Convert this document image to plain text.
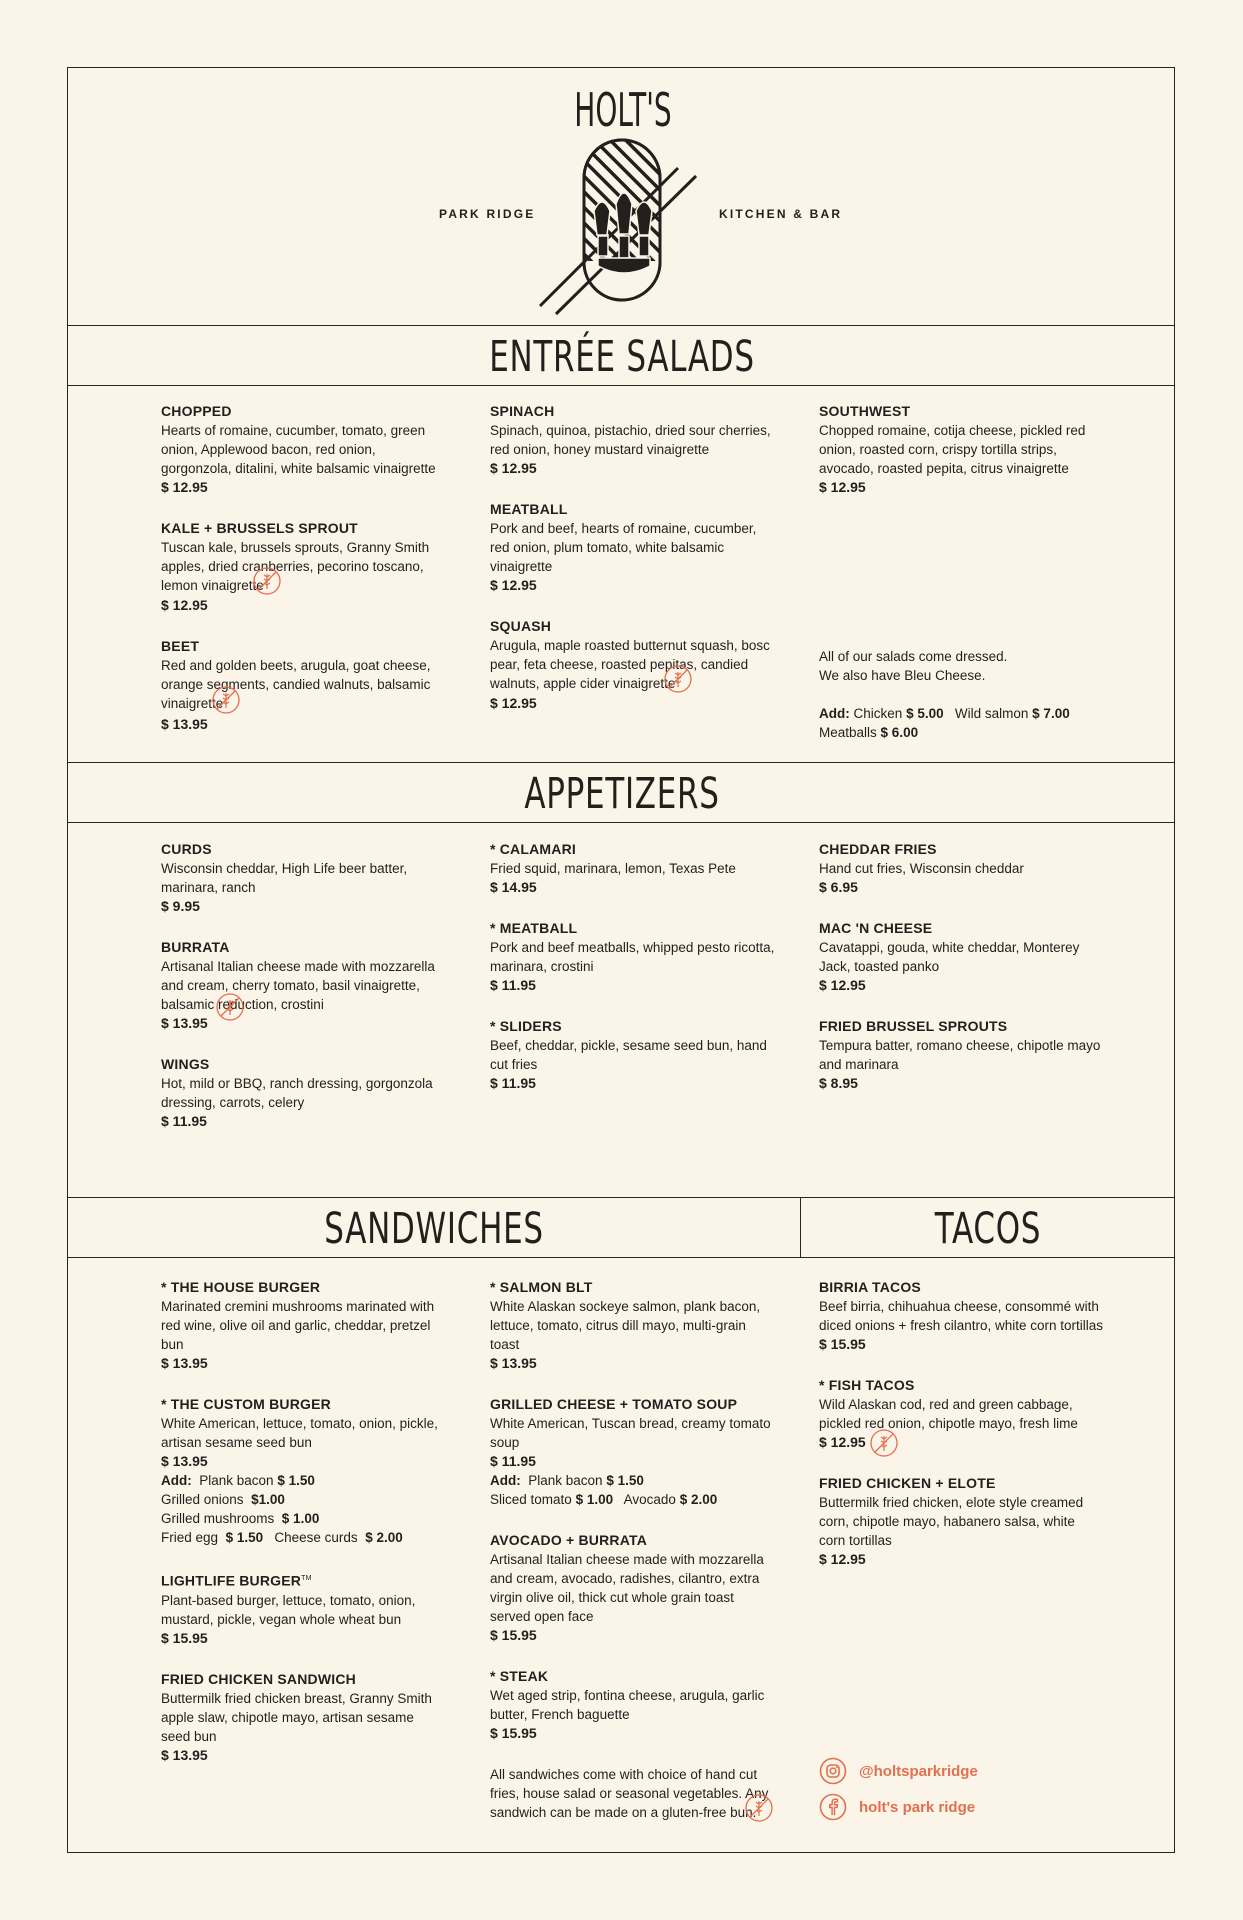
PARK RIDGE	KITCHEN & BAR
HOLT'S
ENTRÉE SALADS
APPETIZERS
SANDWICHES	TACOS
CHOPPED
Hearts of romaine, cucumber, tomato, green onion, Applewood bacon, red onion, gorgonzola, ditalini, white balsamic vinaigrette
$ 12.95
KALE + BRUSSELS SPROUT
Tuscan kale, brussels sprouts, Granny Smith apples, dried cranberries, pecorino toscano, lemon vinaigrette
$ 12.95
BEET
Red and golden beets, arugula, goat cheese, orange segments, candied walnuts, balsamic vinaigrette
$ 13.95
SPINACH
Spinach, quinoa, pistachio, dried sour cherries, red onion, honey mustard vinaigrette
$ 12.95
MEATBALL
Pork and beef, hearts of romaine, cucumber, red onion, plum tomato, white balsamic vinaigrette
$ 12.95
SQUASH
Arugula, maple roasted butternut squash, bosc pear, feta cheese, roasted pepitas, candied walnuts, apple cider vinaigrette
$ 12.95
SOUTHWEST
Chopped romaine, cotija cheese, pickled red onion, roasted corn, crispy tortilla strips, avocado, roasted pepita, citrus vinaigrette
$ 12.95
All of our salads come dressed.
We also have Bleu Cheese.
Add: Chicken $ 5.00 Wild salmon $ 7.00
Meatballs $ 6.00
CURDS
Wisconsin cheddar, High Life beer batter, marinara, ranch
$ 9.95
BURRATA
Artisanal Italian cheese made with mozzarella and cream, cherry tomato, basil vinaigrette, balsamic reduction, crostini
$ 13.95
WINGS
Hot, mild or BBQ, ranch dressing, gorgonzola dressing, carrots, celery
$ 11.95
* CALAMARI
Fried squid, marinara, lemon, Texas Pete
$ 14.95
* MEATBALL
Pork and beef meatballs, whipped pesto ricotta, marinara, crostini
$ 11.95
* SLIDERS
Beef, cheddar, pickle, sesame seed bun, hand cut fries
$ 11.95
CHEDDAR FRIES
Hand cut fries, Wisconsin cheddar
$ 6.95
MAC 'N CHEESE
Cavatappi, gouda, white cheddar, Monterey Jack, toasted panko
$ 12.95
FRIED BRUSSEL SPROUTS
Tempura batter, romano cheese, chipotle mayo and marinara
$ 8.95
* THE HOUSE BURGER
Marinated cremini mushrooms marinated with red wine, olive oil and garlic, cheddar, pretzel bun
$ 13.95
* THE CUSTOM BURGER
White American, lettuce, tomato, onion, pickle, artisan sesame seed bun
$ 13.95
Add: Plank bacon $ 1.50
Grilled onions $1.00
Grilled mushrooms $ 1.00
Fried egg $ 1.50 Cheese curds $ 2.00
LIGHTLIFE BURGER™
Plant-based burger, lettuce, tomato, onion, mustard, pickle, vegan whole wheat bun
$ 15.95
FRIED CHICKEN SANDWICH
Buttermilk fried chicken breast, Granny Smith apple slaw, chipotle mayo, artisan sesame seed bun
$ 13.95
* SALMON BLT
White Alaskan sockeye salmon, plank bacon, lettuce, tomato, citrus dill mayo, multi-grain toast
$ 13.95
GRILLED CHEESE + TOMATO SOUP
White American, Tuscan bread, creamy tomato soup
$ 11.95
Add: Plank bacon $ 1.50
Sliced tomato $ 1.00 Avocado $ 2.00
AVOCADO + BURRATA
Artisanal Italian cheese made with mozzarella and cream, avocado, radishes, cilantro, extra virgin olive oil, thick cut whole grain toast served open face
$ 15.95
* STEAK
Wet aged strip, fontina cheese, arugula, garlic butter, French baguette
$ 15.95
All sandwiches come with choice of hand cut fries, house salad or seasonal vegetables. Any sandwich can be made on a gluten-free bun.
BIRRIA TACOS
Beef birria, chihuahua cheese, consommé with diced onions + fresh cilantro, white corn tortillas
$ 15.95
* FISH TACOS
Wild Alaskan cod, red and green cabbage, pickled red onion, chipotle mayo, fresh lime
$ 12.95
FRIED CHICKEN + ELOTE
Buttermilk fried chicken, elote style creamed corn, chipotle mayo, habanero salsa, white corn tortillas
$ 12.95
@holtsparkridge
holt's park ridge
